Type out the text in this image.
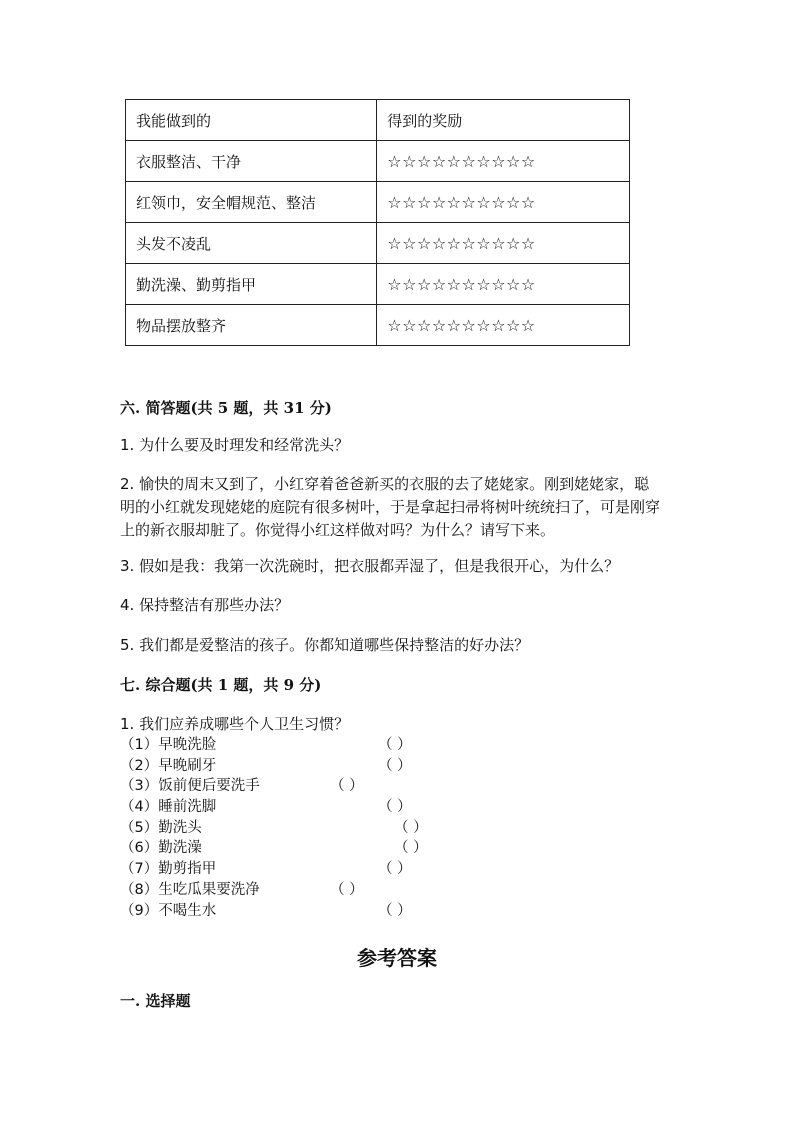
我能做到的	得到的奖励
衣服整洁、干净	☆☆☆☆☆☆☆☆☆☆
红领巾，安全帽规范、整洁	☆☆☆☆☆☆☆☆☆☆
头发不凌乱	☆☆☆☆☆☆☆☆☆☆
勤洗澡、勤剪指甲	☆☆☆☆☆☆☆☆☆☆
物品摆放整齐	☆☆☆☆☆☆☆☆☆☆
六. 简答题(共 5 题，共 31 分)
1. 为什么要及时理发和经常洗头？
2. 愉快的周末又到了，小红穿着爸爸新买的衣服的去了姥姥家。刚到姥姥家，聪明的小红就发现姥姥的庭院有很多树叶，于是拿起扫帚将树叶统统扫了，可是刚穿上的新衣服却脏了。你觉得小红这样做对吗？为什么？请写下来。
3. 假如是我：我第一次洗碗时，把衣服都弄湿了，但是我很开心，为什么？
4. 保持整洁有那些办法？
5. 我们都是爱整洁的孩子。你都知道哪些保持整洁的好办法？
七. 综合题(共 1 题，共 9 分)
1. 我们应养成哪些个人卫生习惯？
（1）早晚洗脸	（ ）
（2）早晚刷牙	（ ）
（3）饭前便后要洗手	（ ）
（4）睡前洗脚	（ ）
（5）勤洗头	（ ）
（6）勤洗澡	（ ）
（7）勤剪指甲	（ ）
（8）生吃瓜果要洗净	（ ）
（9）不喝生水	（ ）
参考答案
一. 选择题
